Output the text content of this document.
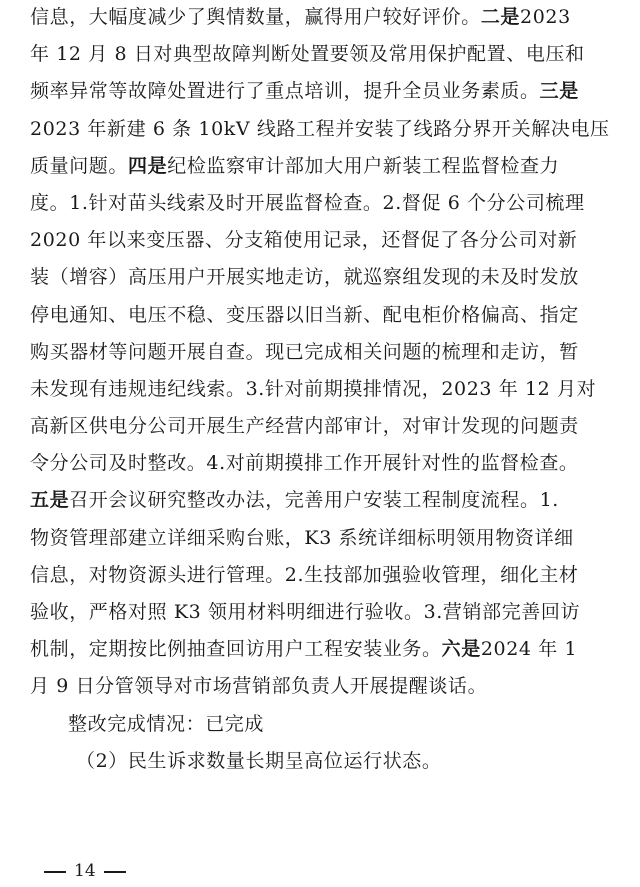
信息，大幅度减少了舆情数量，赢得用户较好评价。二是2023
年 12 月 8 日对典型故障判断处置要领及常用保护配置、电压和
频率异常等故障处置进行了重点培训，提升全员业务素质。三是
2023 年新建 6 条 10kV 线路工程并安装了线路分界开关解决电压
质量问题。四是纪检监察审计部加大用户新装工程监督检查力
度。1.针对苗头线索及时开展监督检查。2.督促 6 个分公司梳理
2020 年以来变压器、分支箱使用记录，还督促了各分公司对新
装（增容）高压用户开展实地走访，就巡察组发现的未及时发放
停电通知、电压不稳、变压器以旧当新、配电柜价格偏高、指定
购买器材等问题开展自查。现已完成相关问题的梳理和走访，暂
未发现有违规违纪线索。3.针对前期摸排情况，2023 年 12 月对
高新区供电分公司开展生产经营内部审计，对审计发现的问题责
令分公司及时整改。4.对前期摸排工作开展针对性的监督检查。
五是召开会议研究整改办法，完善用户安装工程制度流程。1.
物资管理部建立详细采购台账，K3 系统详细标明领用物资详细
信息，对物资源头进行管理。2.生技部加强验收管理，细化主材
验收，严格对照 K3 领用材料明细进行验收。3.营销部完善回访
机制，定期按比例抽查回访用户工程安装业务。六是2024 年 1
月 9 日分管领导对市场营销部负责人开展提醒谈话。
整改完成情况：已完成
（2）民生诉求数量长期呈高位运行状态。
14
